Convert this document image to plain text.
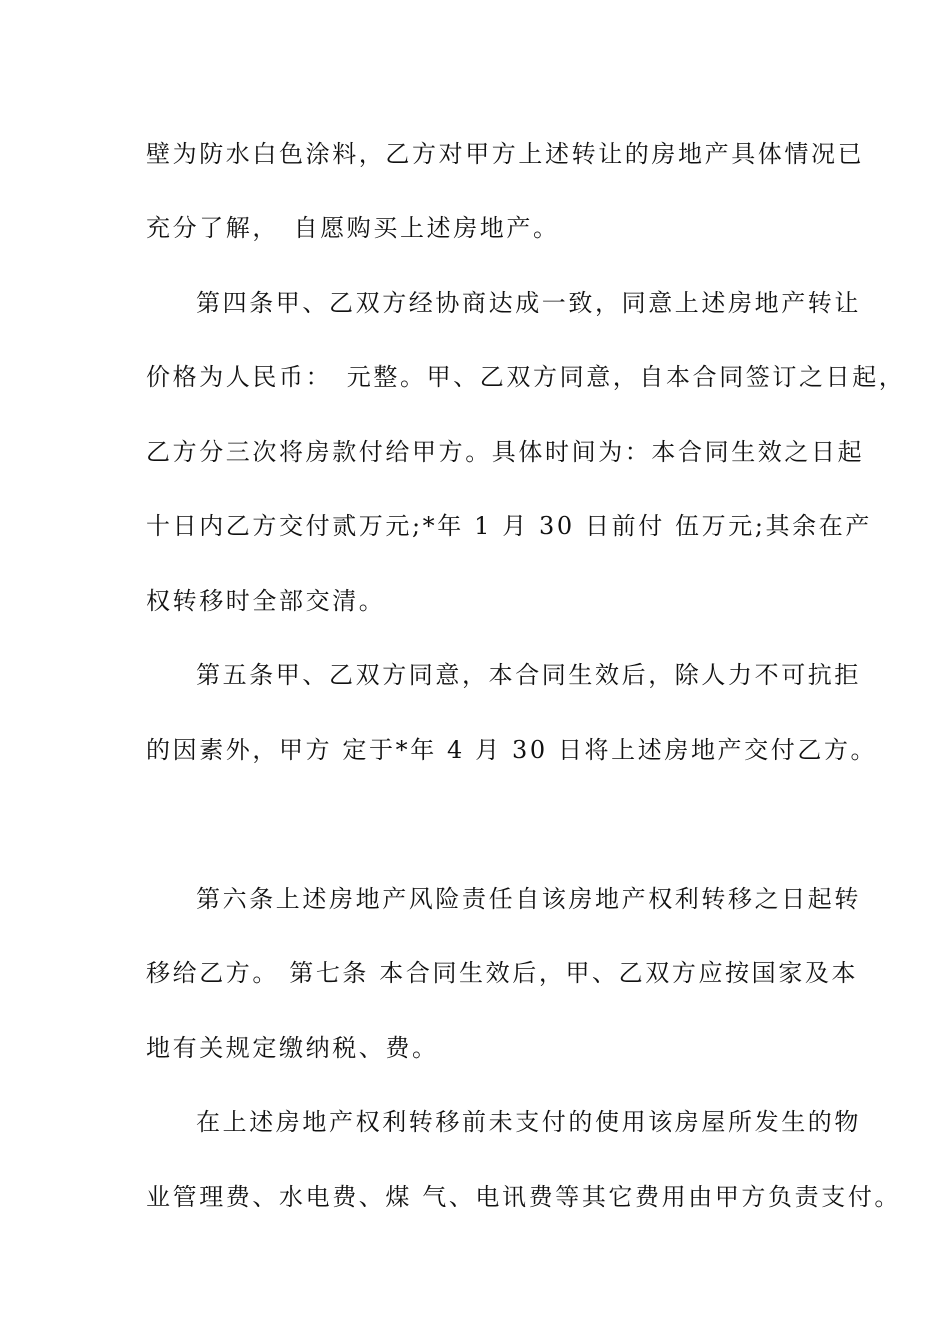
壁为防水白色涂料，乙方对甲方上述转让的房地产具体情况已
充分了解，　自愿购买上述房地产。
第四条甲、乙双方经协商达成一致，同意上述房地产转让
价格为人民币：　元整。甲、乙双方同意，自本合同签订之日起，
乙方分三次将房款付给甲方。具体时间为：本合同生效之日起
十日内乙方交付贰万元;*年 1 月 30 日前付 伍万元;其余在产
权转移时全部交清。
第五条甲、乙双方同意，本合同生效后，除人力不可抗拒
的因素外，甲方 定于*年 4 月 30 日将上述房地产交付乙方。
第六条上述房地产风险责任自该房地产权利转移之日起转
移给乙方。 第七条 本合同生效后，甲、乙双方应按国家及本
地有关规定缴纳税、费。
在上述房地产权利转移前未支付的使用该房屋所发生的物
业管理费、水电费、煤 气、电讯费等其它费用由甲方负责支付。
